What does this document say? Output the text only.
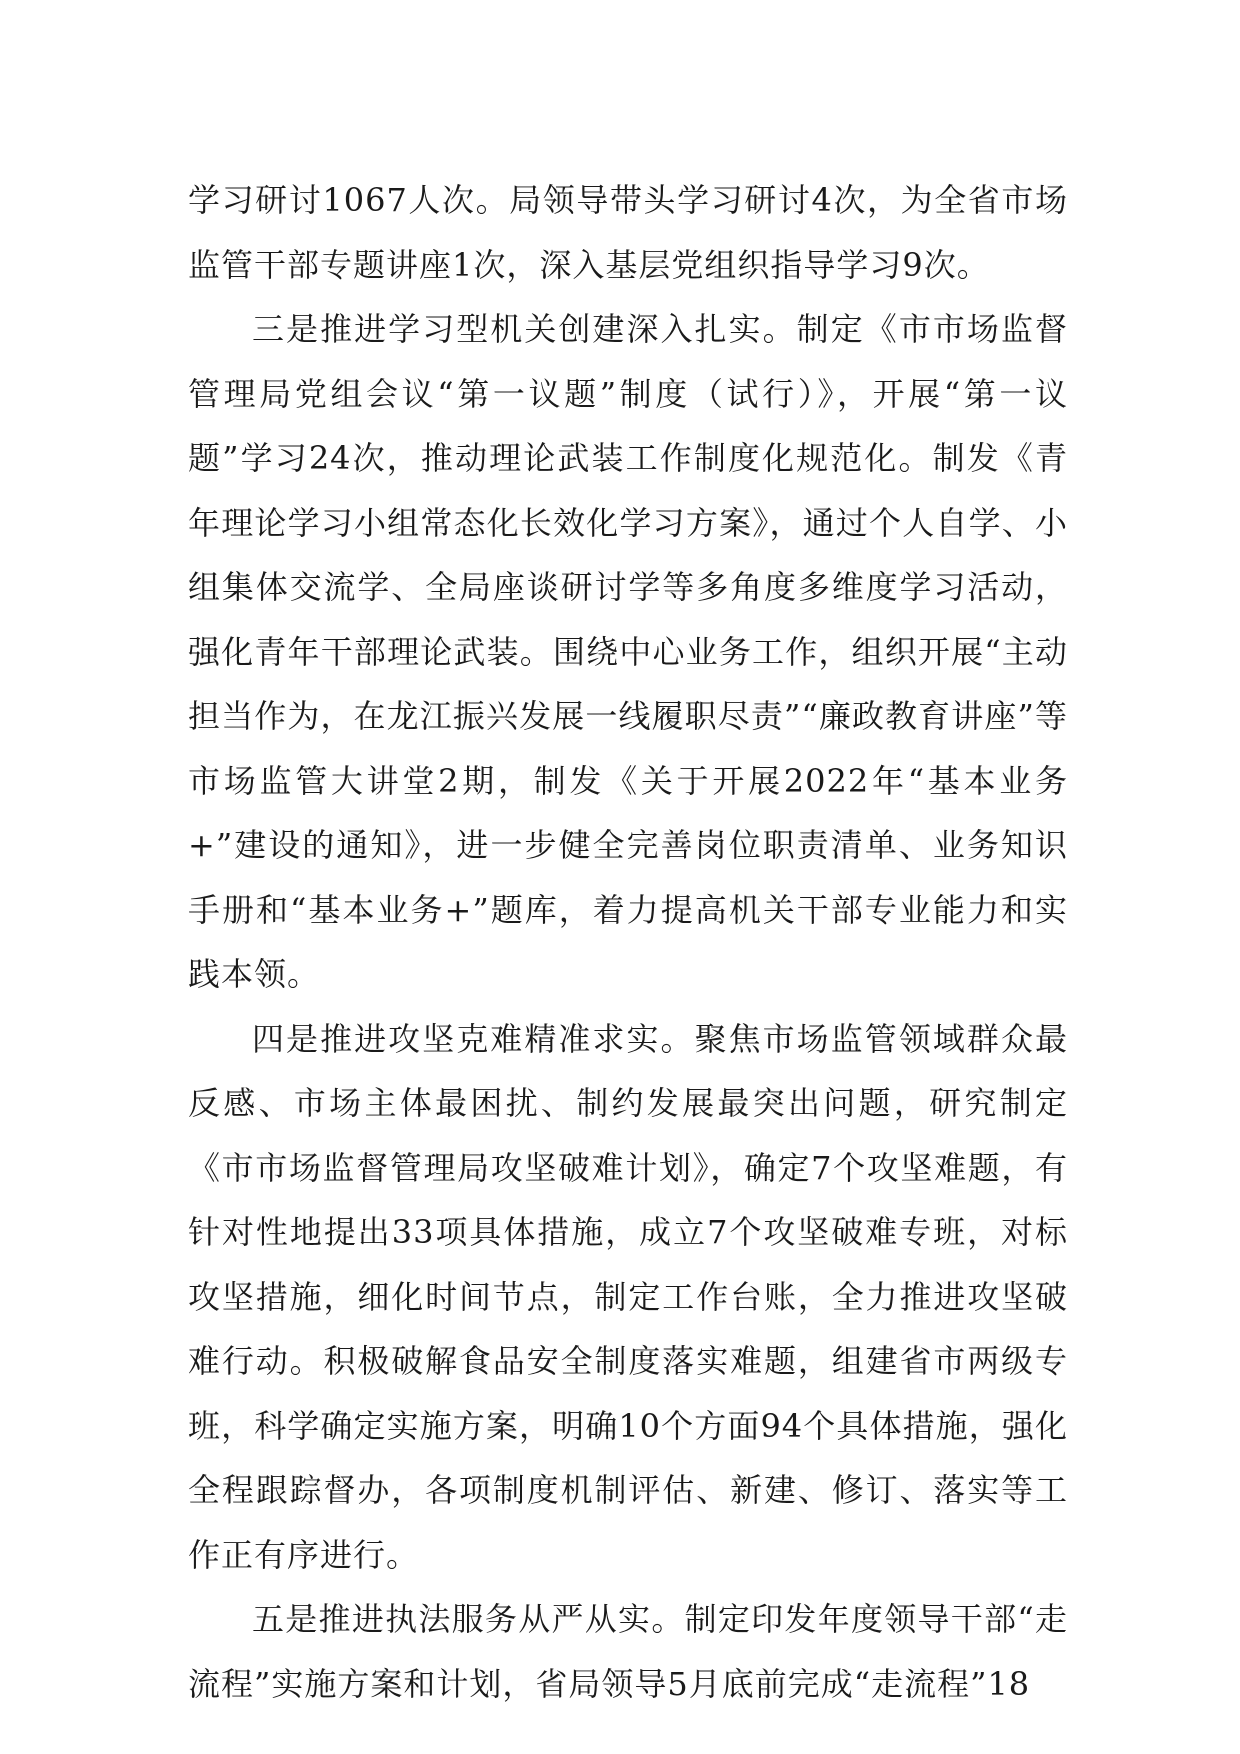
学习研讨1067人次。局领导带头学习研讨4次，为全省市场监管干部专题讲座1次，深入基层党组织指导学习9次。

三是推进学习型机关创建深入扎实。制定《市市场监督管理局党组会议“第一议题”制度（试行）》，开展“第一议题”学习24次，推动理论武装工作制度化规范化。制发《青年理论学习小组常态化长效化学习方案》，通过个人自学、小组集体交流学、全局座谈研讨学等多角度多维度学习活动，强化青年干部理论武装。围绕中心业务工作，组织开展“主动担当作为，在龙江振兴发展一线履职尽责”“廉政教育讲座”等市场监管大讲堂2期，制发《关于开展2022年“基本业务+”建设的通知》，进一步健全完善岗位职责清单、业务知识手册和“基本业务+”题库，着力提高机关干部专业能力和实践本领。

四是推进攻坚克难精准求实。聚焦市场监管领域群众最反感、市场主体最困扰、制约发展最突出问题，研究制定《市市场监督管理局攻坚破难计划》，确定7个攻坚难题，有针对性地提出33项具体措施，成立7个攻坚破难专班，对标攻坚措施，细化时间节点，制定工作台账，全力推进攻坚破难行动。积极破解食品安全制度落实难题，组建省市两级专班，科学确定实施方案，明确10个方面94个具体措施，强化全程跟踪督办，各项制度机制评估、新建、修订、落实等工作正有序进行。

五是推进执法服务从严从实。制定印发年度领导干部“走流程”实施方案和计划，省局领导5月底前完成“走流程”18
